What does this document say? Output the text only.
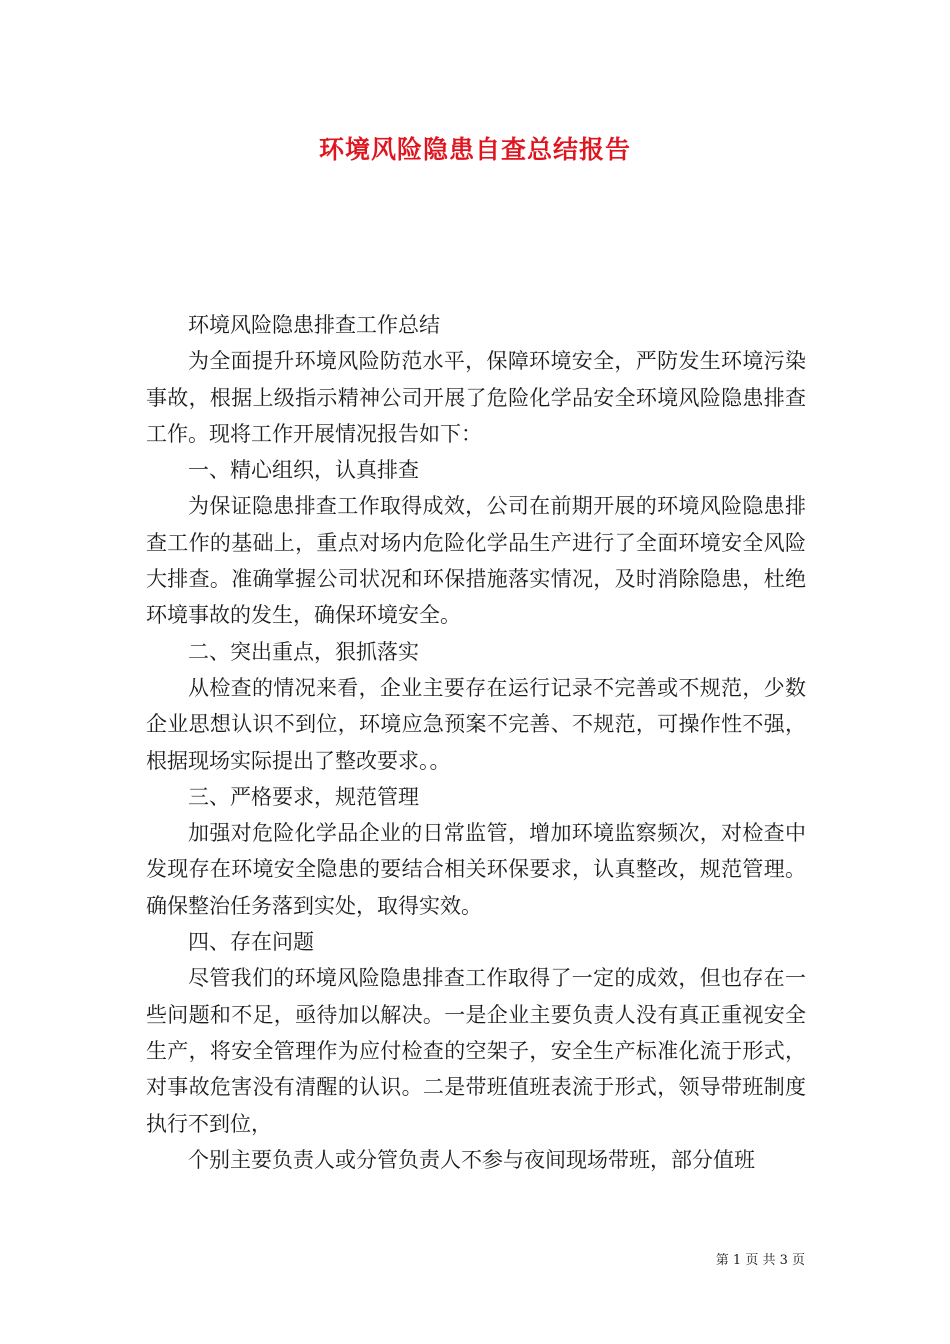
环境风险隐患自查总结报告

环境风险隐患排查工作总结

为全面提升环境风险防范水平，保障环境安全，严防发生环境污染事故，根据上级指示精神公司开展了危险化学品安全环境风险隐患排查工作。现将工作开展情况报告如下：

一、精心组织，认真排查

为保证隐患排查工作取得成效，公司在前期开展的环境风险隐患排查工作的基础上，重点对场内危险化学品生产进行了全面环境安全风险大排查。准确掌握公司状况和环保措施落实情况，及时消除隐患，杜绝环境事故的发生，确保环境安全。

二、突出重点，狠抓落实

从检查的情况来看，企业主要存在运行记录不完善或不规范，少数企业思想认识不到位，环境应急预案不完善、不规范，可操作性不强，根据现场实际提出了整改要求。。

三、严格要求，规范管理

加强对危险化学品企业的日常监管，增加环境监察频次，对检查中发现存在环境安全隐患的要结合相关环保要求，认真整改，规范管理。确保整治任务落到实处，取得实效。

四、存在问题

尽管我们的环境风险隐患排查工作取得了一定的成效，但也存在一些问题和不足，亟待加以解决。一是企业主要负责人没有真正重视安全生产，将安全管理作为应付检查的空架子，安全生产标准化流于形式，对事故危害没有清醒的认识。二是带班值班表流于形式，领导带班制度执行不到位，

个别主要负责人或分管负责人不参与夜间现场带班，部分值班

第 1 页 共 3 页
